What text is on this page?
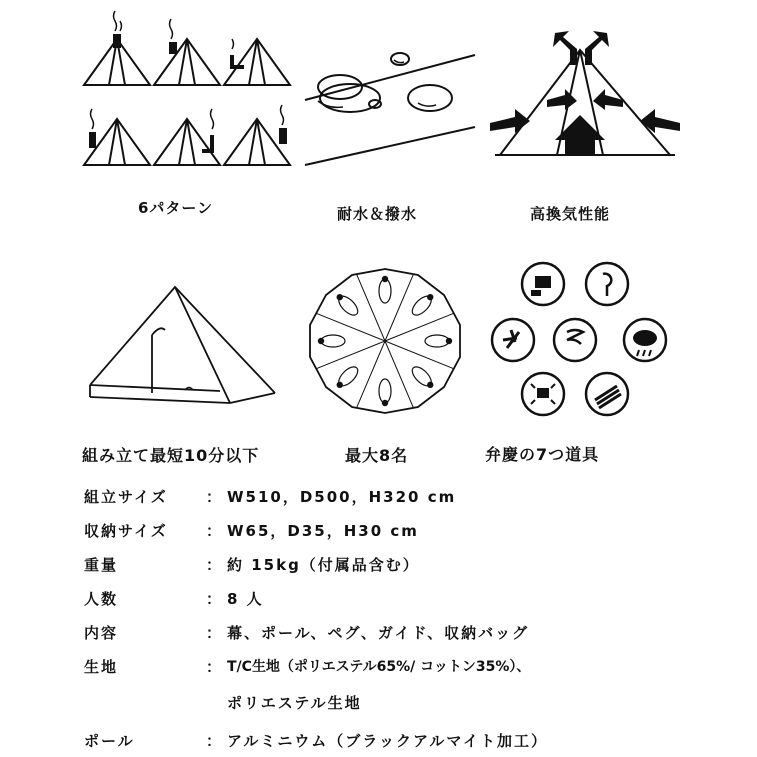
6パターン	耐水＆撥水	高換気性能
組み立て最短10分以下	最大8名	弁慶の7つ道具
組立サイズ	： W510，D500，H320 cm
収納サイズ	： W65，D35，H30 cm
重量	： 約 15kg（付属品含む）
人数	： 8 人
内容	： 幕、ポール、ペグ、ガイド、収納バッグ
生地	： T/C生地（ポリエステル65%/ コットン35%）、
ポリエステル生地
ポール	： アルミニウム（ブラックアルマイト加工）
